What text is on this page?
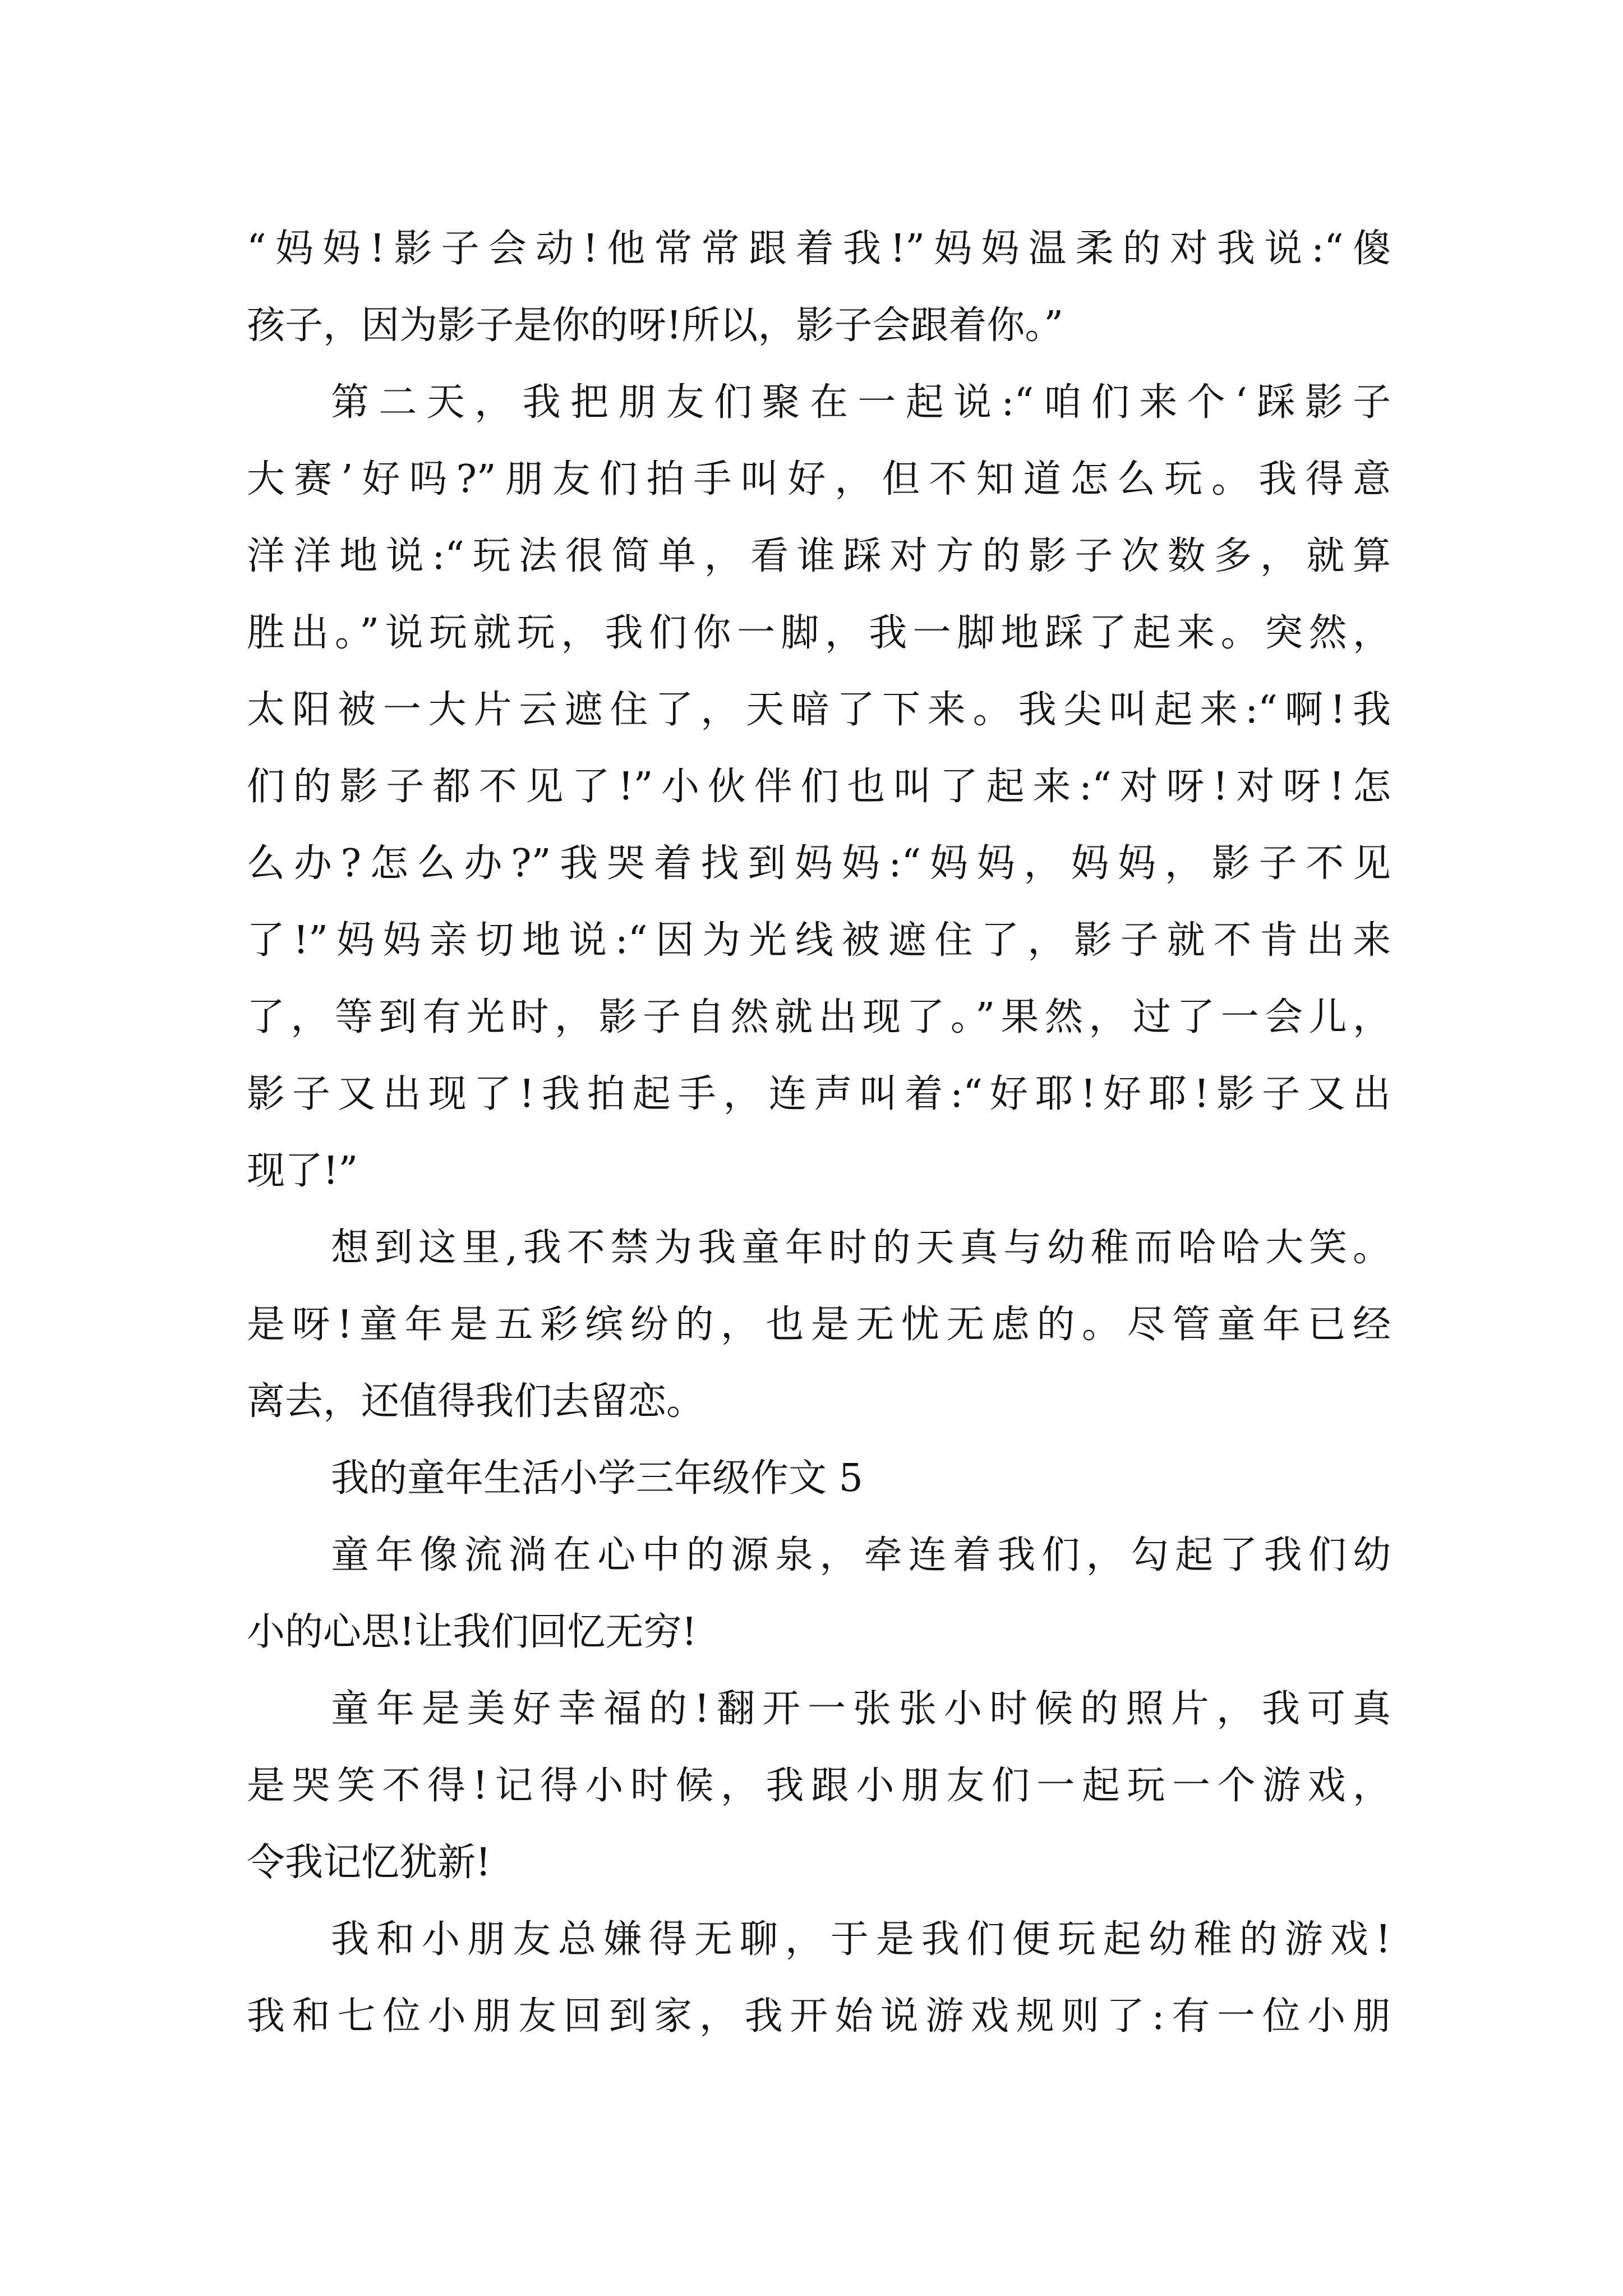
“妈妈!影子会动!他常常跟着我!”妈妈温柔的对我说:“傻
孩子，因为影子是你的呀!所以，影子会跟着你。”
第二天，我把朋友们聚在一起说:“咱们来个‘踩影子
大赛’好吗?”朋友们拍手叫好，但不知道怎么玩。我得意
洋洋地说:“玩法很简单，看谁踩对方的影子次数多，就算
胜出。”说玩就玩，我们你一脚，我一脚地踩了起来。突然，
太阳被一大片云遮住了，天暗了下来。我尖叫起来:“啊!我
们的影子都不见了!”小伙伴们也叫了起来:“对呀!对呀!怎
么办?怎么办?”我哭着找到妈妈:“妈妈，妈妈，影子不见
了!”妈妈亲切地说:“因为光线被遮住了，影子就不肯出来
了，等到有光时，影子自然就出现了。”果然，过了一会儿，
影子又出现了!我拍起手，连声叫着:“好耶!好耶!影子又出
现了!”
想到这里,我不禁为我童年时的天真与幼稚而哈哈大笑。
是呀!童年是五彩缤纷的，也是无忧无虑的。尽管童年已经
离去，还值得我们去留恋。
我的童年生活小学三年级作文 5
童年像流淌在心中的源泉，牵连着我们，勾起了我们幼
小的心思!让我们回忆无穷!
童年是美好幸福的!翻开一张张小时候的照片，我可真
是哭笑不得!记得小时候，我跟小朋友们一起玩一个游戏，
令我记忆犹新!
我和小朋友总嫌得无聊，于是我们便玩起幼稚的游戏!
我和七位小朋友回到家，我开始说游戏规则了:有一位小朋
